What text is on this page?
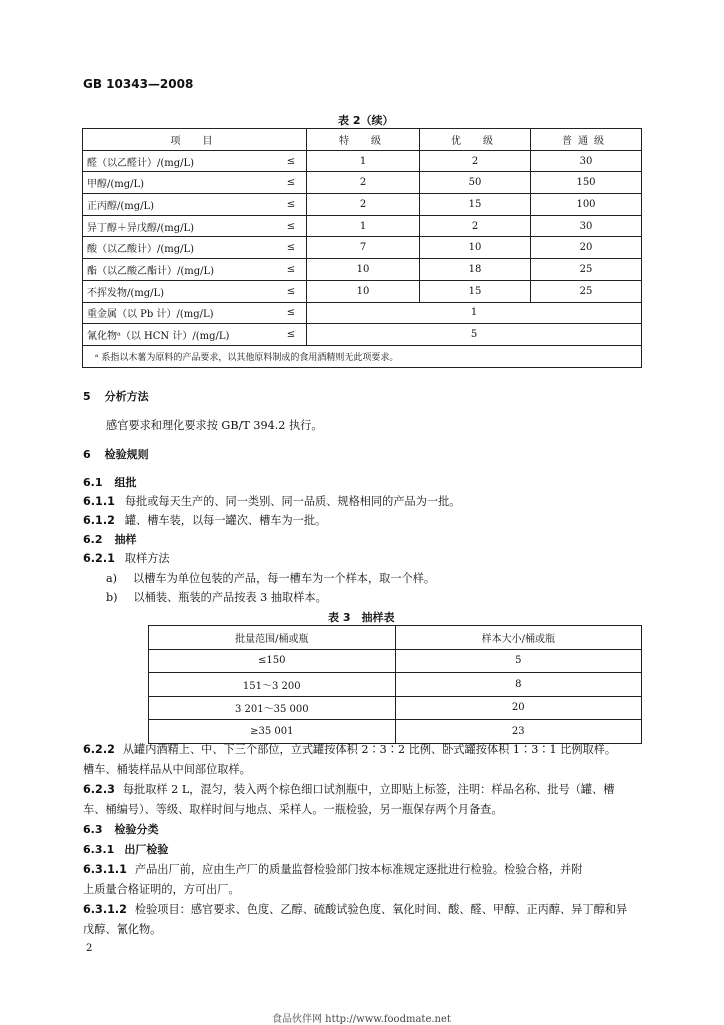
GB 10343—2008
表 2（续）
项　目		特　级	优　级	普通级
醛（以乙醛计）/(mg/L)	≤	1	2	30
甲醇/(mg/L)	≤	2	50	150
正丙醇/(mg/L)	≤	2	15	100
异丁醇＋异戊醇/(mg/L)	≤	1	2	30
酸（以乙酸计）/(mg/L)	≤	7	10	20
酯（以乙酸乙酯计）/(mg/L)	≤	10	18	25
不挥发物/(mg/L)	≤	10	15	25
重金属（以 Pb 计）/(mg/L)	≤	1		
氰化物ᵃ（以 HCN 计）/(mg/L)	≤	5		
ᵃ 系指以木薯为原料的产品要求，以其他原料制成的食用酒精则无此项要求。				
5 分析方法
感官要求和理化要求按 GB/T 394.2 执行。
6 检验规则
6.1 组批
6.1.1 每批或每天生产的、同一类别、同一品质、规格相同的产品为一批。
6.1.2 罐、槽车装，以每一罐次、槽车为一批。
6.2 抽样
6.2.1 取样方法
a) 以槽车为单位包装的产品，每一槽车为一个样本，取一个样。
b) 以桶装、瓶装的产品按表 3 抽取样本。
表 3　抽样表
批量范围/桶或瓶	样本大小/桶或瓶
≤150	5
151～3 200	8
3 201～35 000	20
≥35 001	23
6.2.2 从罐内酒精上、中、下三个部位，立式罐按体积 2∶3∶2 比例、卧式罐按体积 1∶3∶1 比例取样。
槽车、桶装样品从中间部位取样。
6.2.3 每批取样 2 L，混匀，装入两个棕色细口试剂瓶中，立即贴上标签，注明：样品名称、批号（罐、槽
车、桶编号）、等级、取样时间与地点、采样人。一瓶检验，另一瓶保存两个月备查。
6.3 检验分类
6.3.1 出厂检验
6.3.1.1 产品出厂前，应由生产厂的质量监督检验部门按本标准规定逐批进行检验。检验合格，并附
上质量合格证明的，方可出厂。
6.3.1.2 检验项目：感官要求、色度、乙醇、硫酸试验色度、氧化时间、酸、醛、甲醇、正丙醇、异丁醇和异
戊醇、氰化物。
2
食品伙伴网 http://www.foodmate.net
